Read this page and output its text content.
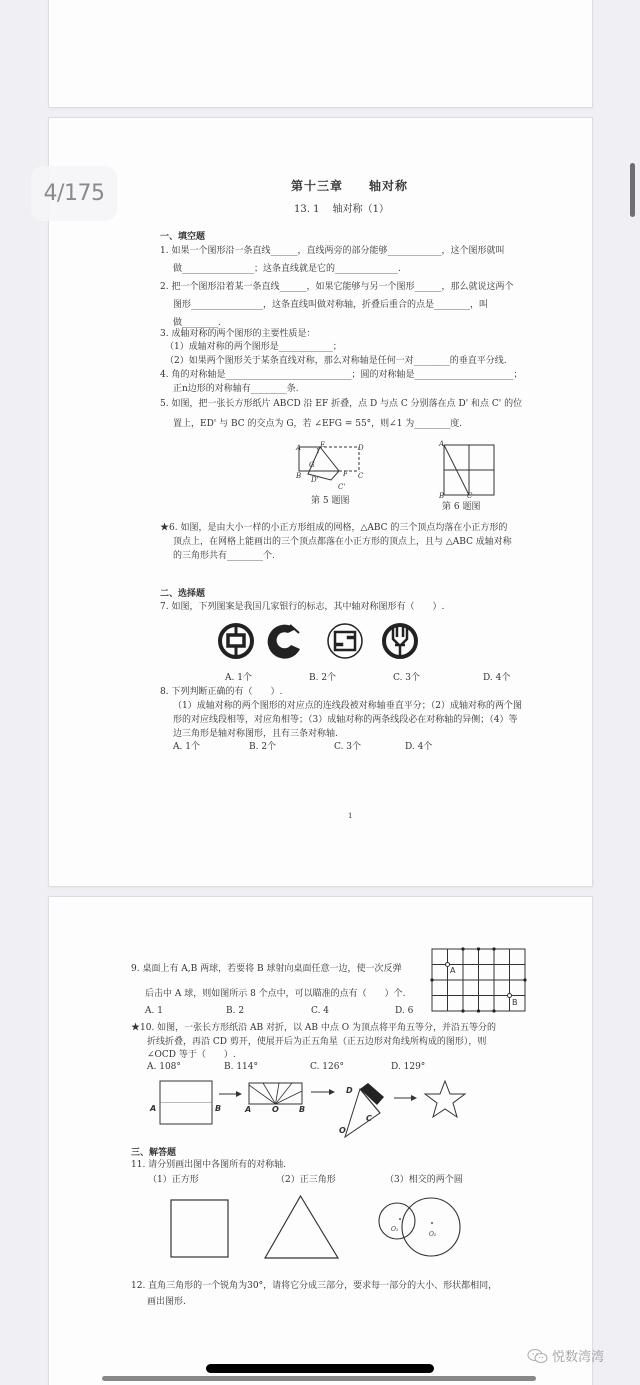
第十三章　　轴对称
13. 1　 轴对称（1）
一、填空题
1. 如果一个图形沿一条直线______，直线两旁的部分能够____________，这个图形就叫
做________________；这条直线就是它的______________.
2. 把一个图形沿着某一条直线______，如果它能够与另一个图形______，那么就说这两个
图形________________，这条直线叫做对称轴，折叠后重合的点是________，叫
做________.
3. 成轴对称的两个图形的主要性质是：
（1）成轴对称的两个图形是____________；
（2）如果两个图形关于某条直线对称，那么对称轴是任何一对________的垂直平分线.
4. 角的对称轴是____________________________；圆的对称轴是______________________；
正n边形的对称轴有________条.
5. 如图，把一张长方形纸片 ABCD 沿 EF 折叠，点 D 与点 C 分别落在点 D' 和点 C' 的位
置上，ED' 与 BC 的交点为 G，若 ∠EFG = 55°，则∠1 为________度.
A	E	D
1
G
B D'
F C
C'
第 5 题图
A
B	C
第 6 题图
★6. 如图，是由大小一样的小正方形组成的网格，△ABC 的三个顶点均落在小正方形的
顶点上，在网格上能画出的三个顶点都落在小正方形的顶点上，且与 △ABC 成轴对称
的三角形共有________个.
二、选择题
7. 如图，下列图案是我国几家银行的标志，其中轴对称图形有（　　）.
A. 1个	B. 2个	C. 3个	D. 4个
8. 下列判断正确的有（　　）.
（1）成轴对称的两个图形的对应点的连线段被对称轴垂直平分；（2）成轴对称的两个图
形的对应线段相等，对应角相等；（3）成轴对称的两条线段必在对称轴的异侧；（4）等
边三角形是轴对称图形，且有三条对称轴.
A. 1个	B. 2个	C. 3个	D. 4个
1
9. 桌面上有 A,B 两球，若要将 B 球射向桌面任意一边，使一次反弹
后击中 A 球，则如图所示 8 个点中，可以瞄准的点有（　　）个.
A. 1	B. 2	C. 4	D. 6
A
B
★10. 如图，一张长方形纸沿 AB 对折，以 AB 中点 O 为顶点将平角五等分，并沿五等分的
折线折叠，再沿 CD 剪开，使展开后为正五角星（正五边形对角线所构成的图形），则
∠OCD 等于（　　）.
A. 108°	B. 114°	C. 126°	D. 129°
A	B	A	O	B
D
C
O
三、解答题
11. 请分别画出图中各图所有的对称轴.
（1）正方形	（2）正三角形	（3）相交的两个圆
O₁
O₂
12. 直角三角形的一个锐角为30°，请将它分成三部分，要求每一部分的大小、形状都相同，
画出图形.
4/175
悦数湾湾
